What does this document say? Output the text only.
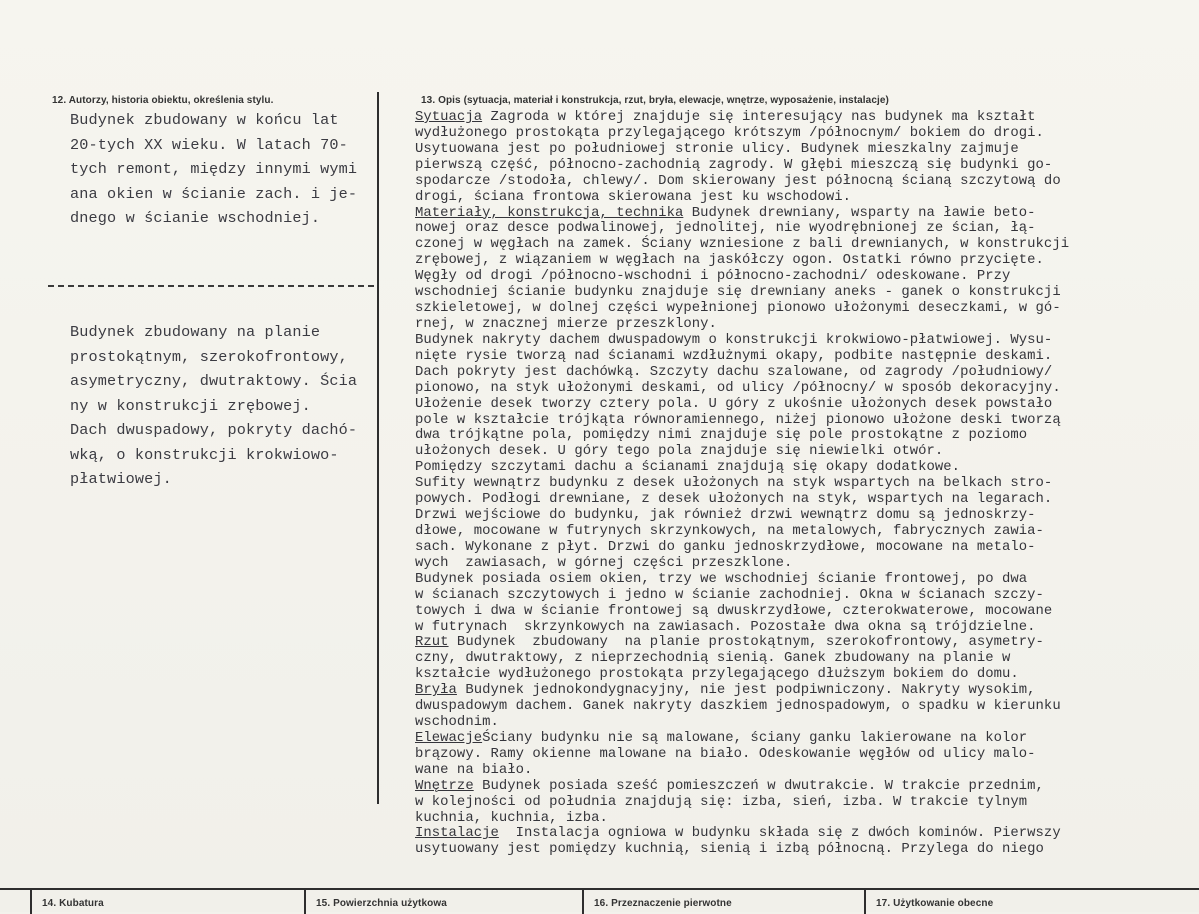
12. Autorzy, historia obiektu, określenia stylu.
Budynek zbudowany w końcu lat
20-tych XX wieku. W latach 70-
tych remont, między innymi wymi
ana okien w ścianie zach. i je-
dnego w ścianie wschodniej.
Budynek zbudowany na planie
prostokątnym, szerokofrontowy,
asymetryczny, dwutraktowy. Ścia
ny w konstrukcji zrębowej.
Dach dwuspadowy, pokryty dachó-
wką, o konstrukcji krokwiowo-
płatwiowej.
13. Opis (sytuacja, materiał i konstrukcja, rzut, bryła, elewacje, wnętrze, wyposażenie, instalacje)
Sytuacja Zagroda w której znajduje się interesujący nas budynek ma kształt
wydłużonego prostokąta przylegającego krótszym /północnym/ bokiem do drogi.
Usytuowana jest po południowej stronie ulicy. Budynek mieszkalny zajmuje
pierwszą część, północno-zachodnią zagrody. W głębi mieszczą się budynki go-
spodarcze /stodoła, chlewy/. Dom skierowany jest północną ścianą szczytową do
drogi, ściana frontowa skierowana jest ku wschodowi.
Materiały, konstrukcja, technika Budynek drewniany, wsparty na ławie beto-
nowej oraz desce podwalinowej, jednolitej, nie wyodrębnionej ze ścian, łą-
czonej w węgłach na zamek. Ściany wzniesione z bali drewnianych, w konstrukcji
zrębowej, z wiązaniem w węgłach na jaskółczy ogon. Ostatki równo przycięte.
Węgły od drogi /północno-wschodni i północno-zachodni/ odeskowane. Przy
wschodniej ścianie budynku znajduje się drewniany aneks - ganek o konstrukcji
szkieletowej, w dolnej części wypełnionej pionowo ułożonymi deseczkami, w gó-
rnej, w znacznej mierze przeszklony.
Budynek nakryty dachem dwuspadowym o konstrukcji krokwiowo-płatwiowej. Wysu-
nięte rysie tworzą nad ścianami wzdłużnymi okapy, podbite następnie deskami.
Dach pokryty jest dachówką. Szczyty dachu szalowane, od zagrody /południowy/
pionowo, na styk ułożonymi deskami, od ulicy /północny/ w sposób dekoracyjny.
Ułożenie desek tworzy cztery pola. U góry z ukośnie ułożonych desek powstało
pole w kształcie trójkąta równoramiennego, niżej pionowo ułożone deski tworzą
dwa trójkątne pola, pomiędzy nimi znajduje się pole prostokątne z poziomo
ułożonych desek. U góry tego pola znajduje się niewielki otwór.
Pomiędzy szczytami dachu a ścianami znajdują się okapy dodatkowe.
Sufity wewnątrz budynku z desek ułożonych na styk wspartych na belkach stro-
powych. Podłogi drewniane, z desek ułożonych na styk, wspartych na legarach.
Drzwi wejściowe do budynku, jak również drzwi wewnątrz domu są jednoskrzy-
dłowe, mocowane w futrynych skrzynkowych, na metalowych, fabrycznych zawia-
sach. Wykonane z płyt. Drzwi do ganku jednoskrzydłowe, mocowane na metalo-
wych  zawiasach, w górnej części przeszklone.
Budynek posiada osiem okien, trzy we wschodniej ścianie frontowej, po dwa
w ścianach szczytowych i jedno w ścianie zachodniej. Okna w ścianach szczy-
towych i dwa w ścianie frontowej są dwuskrzydłowe, czterokwaterowe, mocowane
w futrynach  skrzynkowych na zawiasach. Pozostałe dwa okna są trójdzielne.
Rzut Budynek  zbudowany  na planie prostokątnym, szerokofrontowy, asymetry-
czny, dwutraktowy, z nieprzechodnią sienią. Ganek zbudowany na planie w
kształcie wydłużonego prostokąta przylegającego dłuższym bokiem do domu.
Bryła Budynek jednokondygnacyjny, nie jest podpiwniczony. Nakryty wysokim,
dwuspadowym dachem. Ganek nakryty daszkiem jednospadowym, o spadku w kierunku
wschodnim.
ElewacjeŚciany budynku nie są malowane, ściany ganku lakierowane na kolor
brązowy. Ramy okienne malowane na biało. Odeskowanie węgłów od ulicy malo-
wane na biało.
Wnętrze Budynek posiada sześć pomieszczeń w dwutrakcie. W trakcie przednim,
w kolejności od południa znajdują się: izba, sień, izba. W trakcie tylnym
kuchnia, kuchnia, izba.
Instalacje  Instalacja ogniowa w budynku składa się z dwóch kominów. Pierwszy
usytuowany jest pomiędzy kuchnią, sienią i izbą północną. Przylega do niego
14. Kubatura	15. Powierzchnia użytkowa	16. Przeznaczenie pierwotne	17. Użytkowanie obecne
